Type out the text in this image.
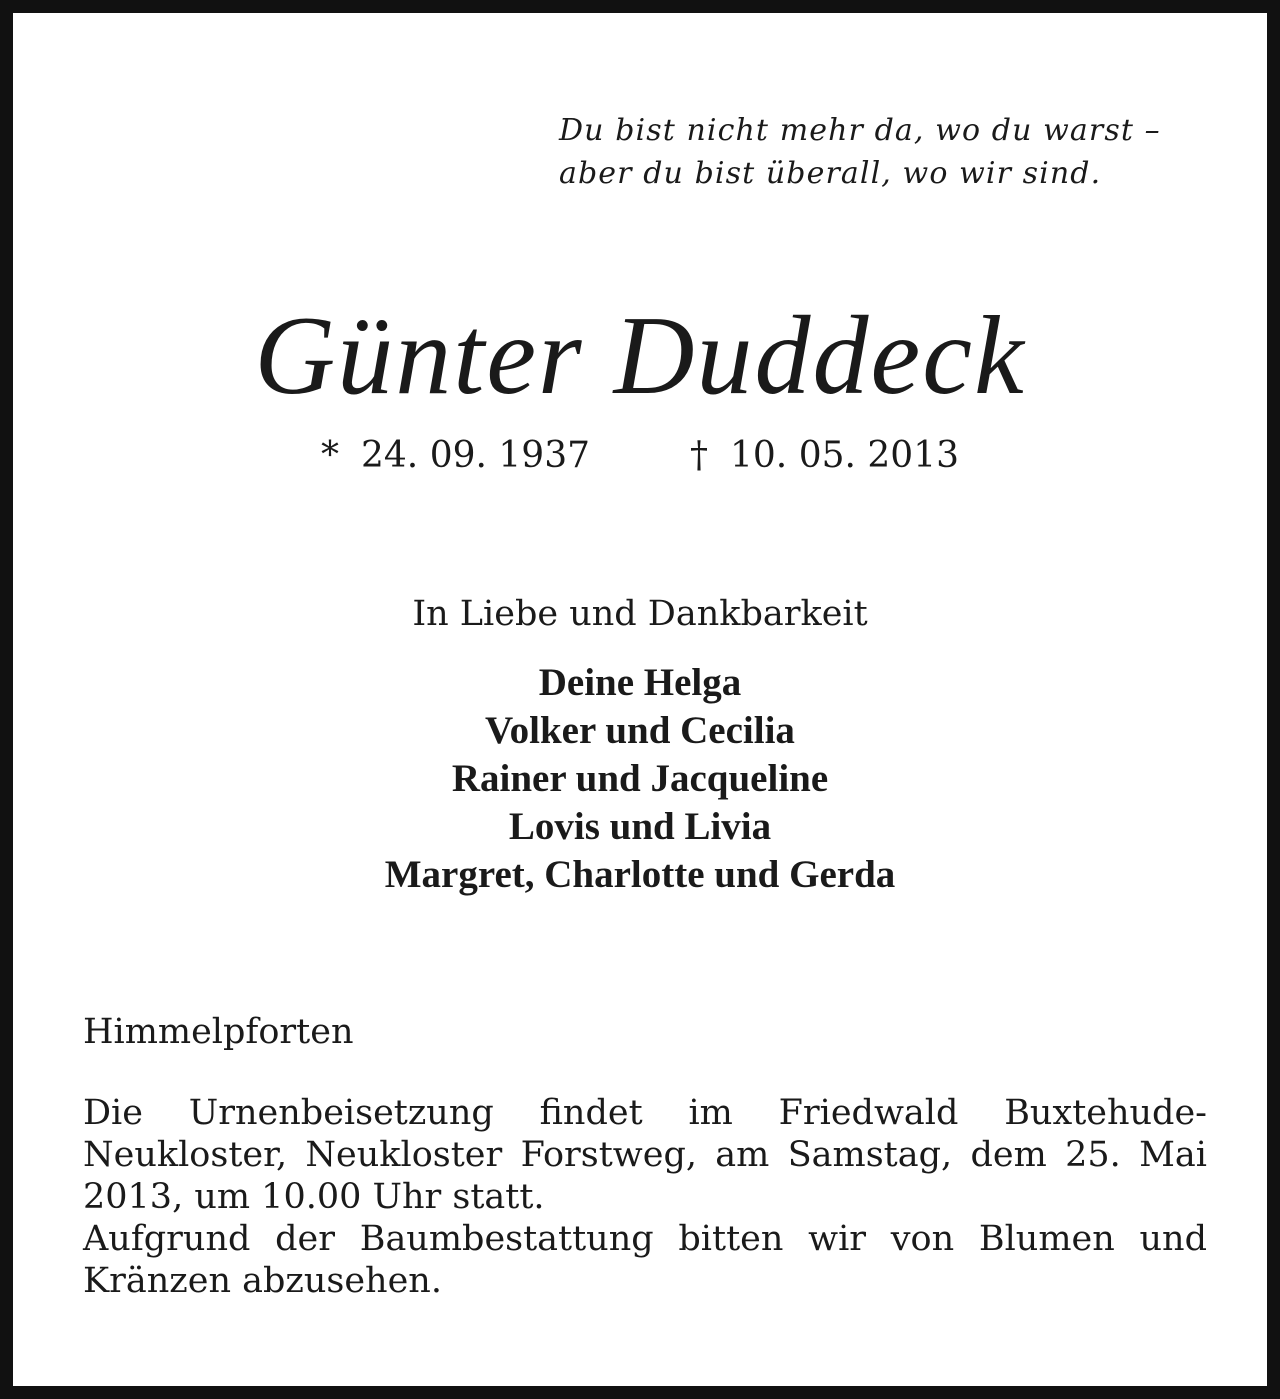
Du bist nicht mehr da, wo du warst –
aber du bist überall, wo wir sind.
Günter Duddeck
* 24. 09. 1937	† 10. 05. 2013
In Liebe und Dankbarkeit
Deine Helga
Volker und Cecilia
Rainer und Jacqueline
Lovis und Livia
Margret, Charlotte und Gerda
Himmelpforten
Die Urnenbeisetzung findet im Friedwald Buxtehude-Neukloster, Neukloster Forstweg, am Samstag, dem 25. Mai 2013, um 10.00 Uhr statt.
Aufgrund der Baumbestattung bitten wir von Blumen und Kränzen abzusehen.
